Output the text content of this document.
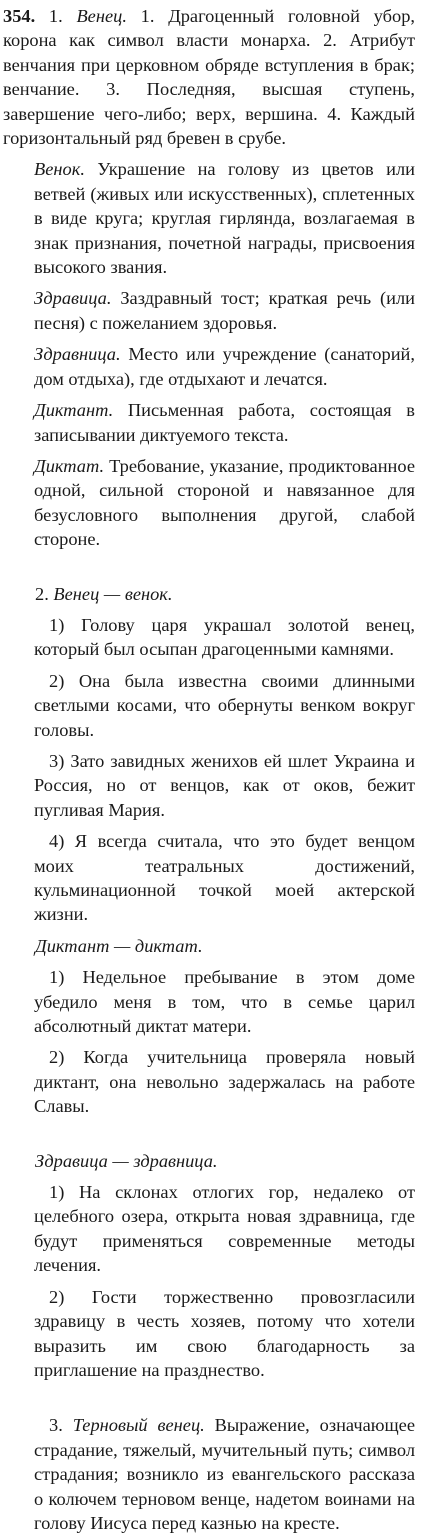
354. 1. Венец. 1. Драгоценный головной убор, корона как символ власти монарха. 2. Атрибут венчания при церковном обряде вступления в брак; венчание. 3. Последняя, высшая ступень, завершение чего-либо; верх, вершина. 4. Каждый горизонтальный ряд бревен в срубе.

Венок. Украшение на голову из цветов или ветвей (живых или искусственных), сплетенных в виде круга; круглая гирлянда, возлагаемая в знак признания, почетной награды, присвоения высокого звания.

Здравица. Заздравный тост; краткая речь (или песня) с пожеланием здоровья.

Здравница. Место или учреждение (санаторий, дом отдыха), где отдыхают и лечатся.

Диктант. Письменная работа, состоящая в записывании диктуемого текста.

Диктат. Требование, указание, продиктованное одной, сильной стороной и навязанное для безусловного выполнения другой, слабой стороне.

2. Венец — венок.

1) Голову царя украшал золотой венец, который был осыпан драгоценными камнями.

2) Она была известна своими длинными светлыми косами, что обернуты венком вокруг головы.

3) Зато завидных женихов ей шлет Украина и Россия, но от венцов, как от оков, бежит пугливая Мария.

4) Я всегда считала, что это будет венцом моих театральных достижений, кульминационной точкой моей актерской жизни.

Диктант — диктат.

1) Недельное пребывание в этом доме убедило меня в том, что в семье царил абсолютный диктат матери.

2) Когда учительница проверяла новый диктант, она невольно задержалась на работе Славы.

Здравица — здравница.

1) На склонах отлогих гор, недалеко от целебного озера, открыта новая здравница, где будут применяться современные методы лечения.

2) Гости торжественно провозгласили здравицу в честь хозяев, потому что хотели выразить им свою благодарность за приглашение на празднество.

3. Терновый венец. Выражение, означающее страдание, тяжелый, мучительный путь; символ страдания; возникло из евангельского рассказа о колючем терновом венце, надетом воинами на голову Иисуса перед казнью на кресте.
